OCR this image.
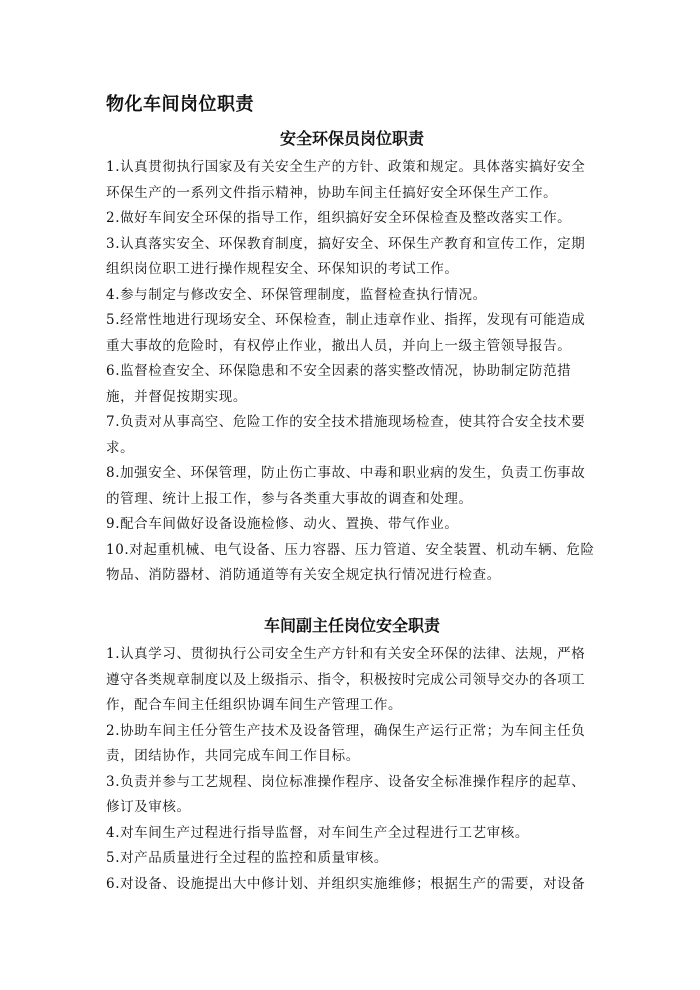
物化车间岗位职责
安全环保员岗位职责
1.认真贯彻执行国家及有关安全生产的方针、政策和规定。具体落实搞好安全环保生产的一系列文件指示精神，协助车间主任搞好安全环保生产工作。
2.做好车间安全环保的指导工作，组织搞好安全环保检查及整改落实工作。
3.认真落实安全、环保教育制度，搞好安全、环保生产教育和宣传工作，定期组织岗位职工进行操作规程安全、环保知识的考试工作。
4.参与制定与修改安全、环保管理制度，监督检查执行情况。
5.经常性地进行现场安全、环保检查，制止违章作业、指挥，发现有可能造成重大事故的危险时，有权停止作业，撤出人员，并向上一级主管领导报告。
6.监督检查安全、环保隐患和不安全因素的落实整改情况，协助制定防范措施，并督促按期实现。
7.负责对从事高空、危险工作的安全技术措施现场检查，使其符合安全技术要求。
8.加强安全、环保管理，防止伤亡事故、中毒和职业病的发生，负责工伤事故的管理、统计上报工作，参与各类重大事故的调查和处理。
9.配合车间做好设备设施检修、动火、置换、带气作业。
10.对起重机械、电气设备、压力容器、压力管道、安全装置、机动车辆、危险物品、消防器材、消防通道等有关安全规定执行情况进行检查。
车间副主任岗位安全职责
1.认真学习、贯彻执行公司安全生产方针和有关安全环保的法律、法规，严格遵守各类规章制度以及上级指示、指令，积极按时完成公司领导交办的各项工作，配合车间主任组织协调车间生产管理工作。
2.协助车间主任分管生产技术及设备管理，确保生产运行正常；为车间主任负责，团结协作，共同完成车间工作目标。
3.负责并参与工艺规程、岗位标准操作程序、设备安全标准操作程序的起草、修订及审核。
4.对车间生产过程进行指导监督，对车间生产全过程进行工艺审核。
5.对产品质量进行全过程的监控和质量审核。
6.对设备、设施提出大中修计划、并组织实施维修；根据生产的需要，对设备
